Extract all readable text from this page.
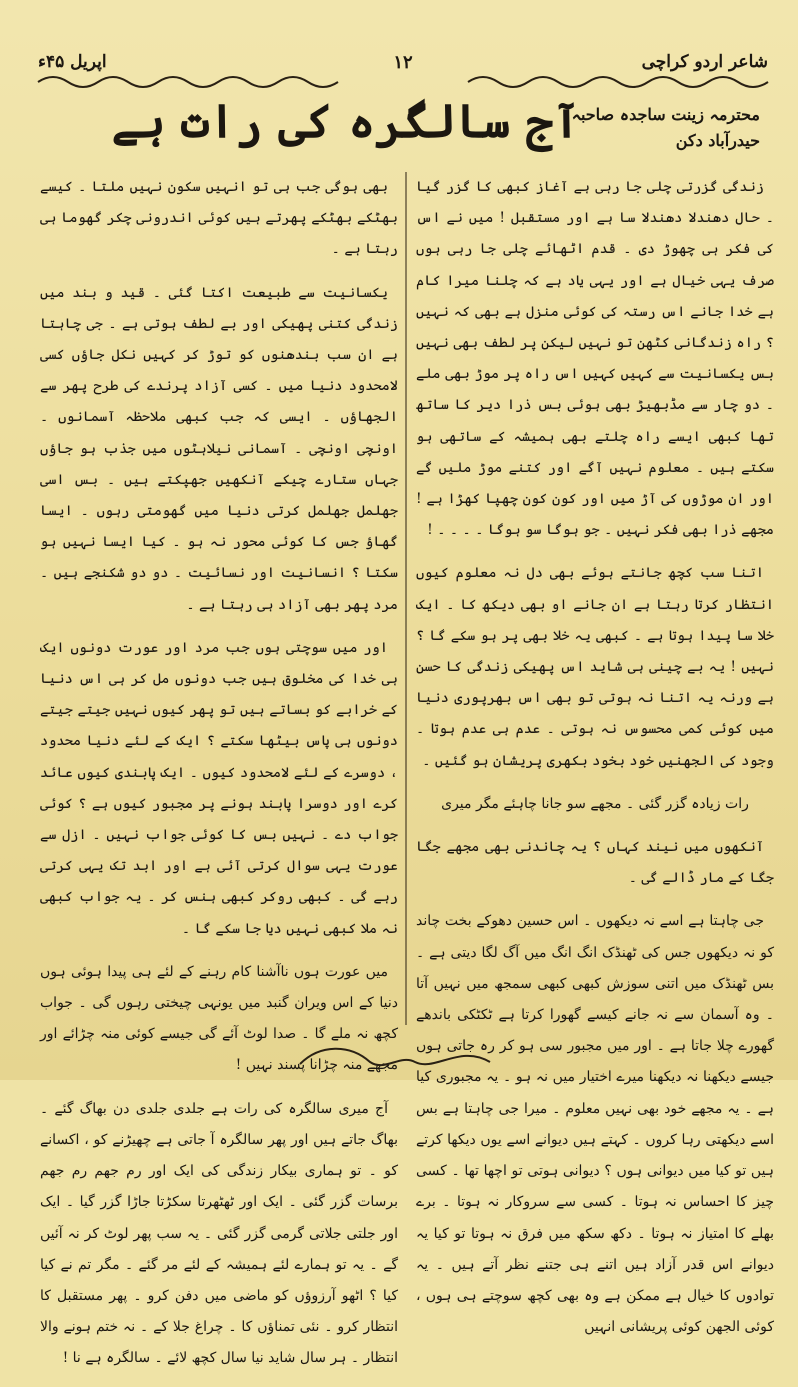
شاعر اردو کراچی
١٢
اپریل ۴۵ء
آج سالگرہ کی رات ہے
محترمہ زینت ساجدہ صاحبہ
حیدرآباد دکن

زندگی گزرتی چلی جا رہی ہے آغاز کبھی کا گزر گیا ۔ حال دھندلا دھندلا سا ہے اور مستقبل ! میں نے اس کی فکر ہی چھوڑ دی ۔ قدم اٹھائے چلی جا رہی ہوں صرف یہی خیال ہے اور یہی یاد ہے کہ چلنا میرا کام ہے خدا جانے اس رستہ کی کوئی منزل ہے بھی کہ نہیں ؟ راہ زندگانی کٹھن تو نہیں لیکن پر لطف بھی نہیں بس یکسانیت سے کہیں کہیں اس راہ پر موڑ بھی ملے ۔ دو چار سے مڈبھیڑ بھی ہوئی بس ذرا دیر کا ساتھ تھا کبھی ایسے راہ چلتے بھی ہمیشہ کے ساتھی ہو سکتے ہیں ۔ معلوم نہیں آگے اور کتنے موڑ ملیں گے اور ان موڑوں کی آڑ میں اور کون کون چھپا کھڑا ہے ! مجھے ذرا بھی فکر نہیں ۔ جو ہوگا سو ہوگا ۔ ۔ ۔ ۔ !

اتنا سب کچھ جانتے ہوئے بھی دل نہ معلوم کیوں انتظار کرتا رہتا ہے ان جانے او بھی دیکھ کا ۔ ایک خلا سا پیدا ہوتا ہے ۔ کبھی یہ خلا بھی پر ہو سکے گا ؟ نہیں ! یہ بے چینی ہی شاید اس پھیکی زندگی کا حسن ہے ورنہ یہ اتنا نہ ہوتی تو بھی اس بھرپوری دنیا میں کوئی کمی محسوس نہ ہوتی ۔ عدم ہی عدم ہوتا ۔ وجود کی الجھنیں خود بخود بکھری پریشان ہو گئیں ۔

رات زیادہ گزر گئی ۔ مجھے سو جانا چاہئے مگر میری

آنکھوں میں نیند کہاں ؟ یہ چاندنی بھی مجھے جگا جگا کے مار ڈالے گی ۔

جی چاہتا ہے اسے نہ دیکھوں ۔ اس حسین دھوکے بخت چاند کو نہ دیکھوں جس کی ٹھنڈک انگ انگ میں آگ لگا دیتی ہے ۔ بس ٹھنڈک میں اتنی سوزش کبھی کبھی سمجھ میں نہیں آتا ۔ وہ آسمان سے نہ جانے کیسے گھورا کرتا ہے ٹکٹکی باندھے گھورے چلا جاتا ہے ۔ اور میں مجبور سی ہو کر رہ جاتی ہوں جیسے دیکھنا نہ دیکھنا میرے اختیار میں نہ ہو ۔ یہ مجبوری کیا ہے ۔ یہ مجھے خود بھی نہیں معلوم ۔ میرا جی چاہتا ہے بس اسے دیکھتی رہا کروں ۔ کہتے ہیں دیوانے اسے یوں دیکھا کرتے ہیں تو کیا میں دیوانی ہوں ؟ دیوانی ہوتی تو اچھا تھا ۔ کسی چیز کا احساس نہ ہوتا ۔ کسی سے سروکار نہ ہوتا ۔ برے بھلے کا امتیاز نہ ہوتا ۔ دکھ سکھ میں فرق نہ ہوتا تو کیا یہ دیوانے اس قدر آزاد ہیں اتنے ہی جتنے نظر آتے ہیں ۔ یہ توادوں کا خیال ہے ممکن ہے وہ بھی کچھ سوچتے ہی ہوں ، کوئی الجھن کوئی پریشانی انہیں

بھی ہوگی جب ہی تو انہیں سکون نہیں ملتا ۔ کیسے بھٹکے بھٹکے پھرتے ہیں کوئی اندرونی چکر گھوما ہی رہتا ہے ۔

یکسانیت سے طبیعت اکتا گئی ۔ قید و بند میں زندگی کتنی پھیکی اور بے لطف ہوتی ہے ۔ جی چاہتا ہے ان سب بندھنوں کو توڑ کر کہیں نکل جاؤں کسی لامحدود دنیا میں ۔ کسی آزاد پرندے کی طرح پھر سے الجھاؤں ۔ ایسی کہ جب کبھی ملاحظہ آسمانوں ۔ اونچی اونچی ۔ آسمانی نیلاہٹوں میں جذب ہو جاؤں جہاں ستارے چیکے آنکھیں جھپکتے ہیں ۔ بس اسی جھلمل جھلمل کرتی دنیا میں گھومتی رہوں ۔ ایسا گھاؤ جس کا کوئی محور نہ ہو ۔ کیا ایسا نہیں ہو سکتا ؟ انسانیت اور نسائیت ۔ دو دو شکنجے ہیں ۔ مرد پھر بھی آزاد ہی رہتا ہے ۔

اور میں سوچتی ہوں جب مرد اور عورت دونوں ایک ہی خدا کی مخلوق ہیں جب دونوں مل کر ہی اس دنیا کے خرابے کو بساتے ہیں تو پھر کیوں نہیں جیتے جیتے دونوں ہی پاس بیٹھا سکتے ؟ ایک کے لئے دنیا محدود ، دوسرے کے لئے لامحدود کیوں ۔ ایک پابندی کیوں عائد کرے اور دوسرا پابند ہونے پر مجبور کیوں ہے ؟ کوئی جواب دے ۔ نہیں بس کا کوئی جواب نہیں ۔ ازل سے عورت یہی سوال کرتی آئی ہے اور ابد تک یہی کرتی رہے گی ۔ کبھی روکر کبھی ہنس کر ۔ یہ جواب کبھی نہ ملا کبھی نہیں دیا جا سکے گا ۔

میں عورت ہوں ناآشنا کام رہنے کے لئے ہی پیدا ہوئی ہوں دنیا کے اس ویران گنبد میں یونہی چیختی رہوں گی ۔ جواب کچھ نہ ملے گا ۔ صدا لوٹ آئے گی جیسے کوئی منہ چڑائے اور مجھے منہ چڑانا پسند نہیں !

آج میری سالگرہ کی رات ہے جلدی جلدی دن بھاگ گئے ۔ بھاگ جاتے ہیں اور پھر سالگرہ آ جاتی ہے چھیڑنے کو ، اکسانے کو ۔ تو ہماری بیکار زندگی کی ایک اور رم جھم رم جھم برسات گزر گئی ۔ ایک اور ٹھٹھرتا سکڑتا جاڑا گزر گیا ۔ ایک اور جلتی جلاتی گرمی گزر گئی ۔ یہ سب پھر لوٹ کر نہ آئیں گے ۔ یہ تو ہمارے لئے ہمیشہ کے لئے مر گئے ۔ مگر تم نے کیا کیا ؟ اٹھو آرزوؤں کو ماضی میں دفن کرو ۔ پھر مستقبل کا انتظار کرو ۔ نئی تمناؤں کا ۔ چراغ جلا کے ۔ نہ ختم ہونے والا انتظار ۔ ہر سال شاید نیا سال کچھ لائے ۔ سالگرہ ہے نا !
